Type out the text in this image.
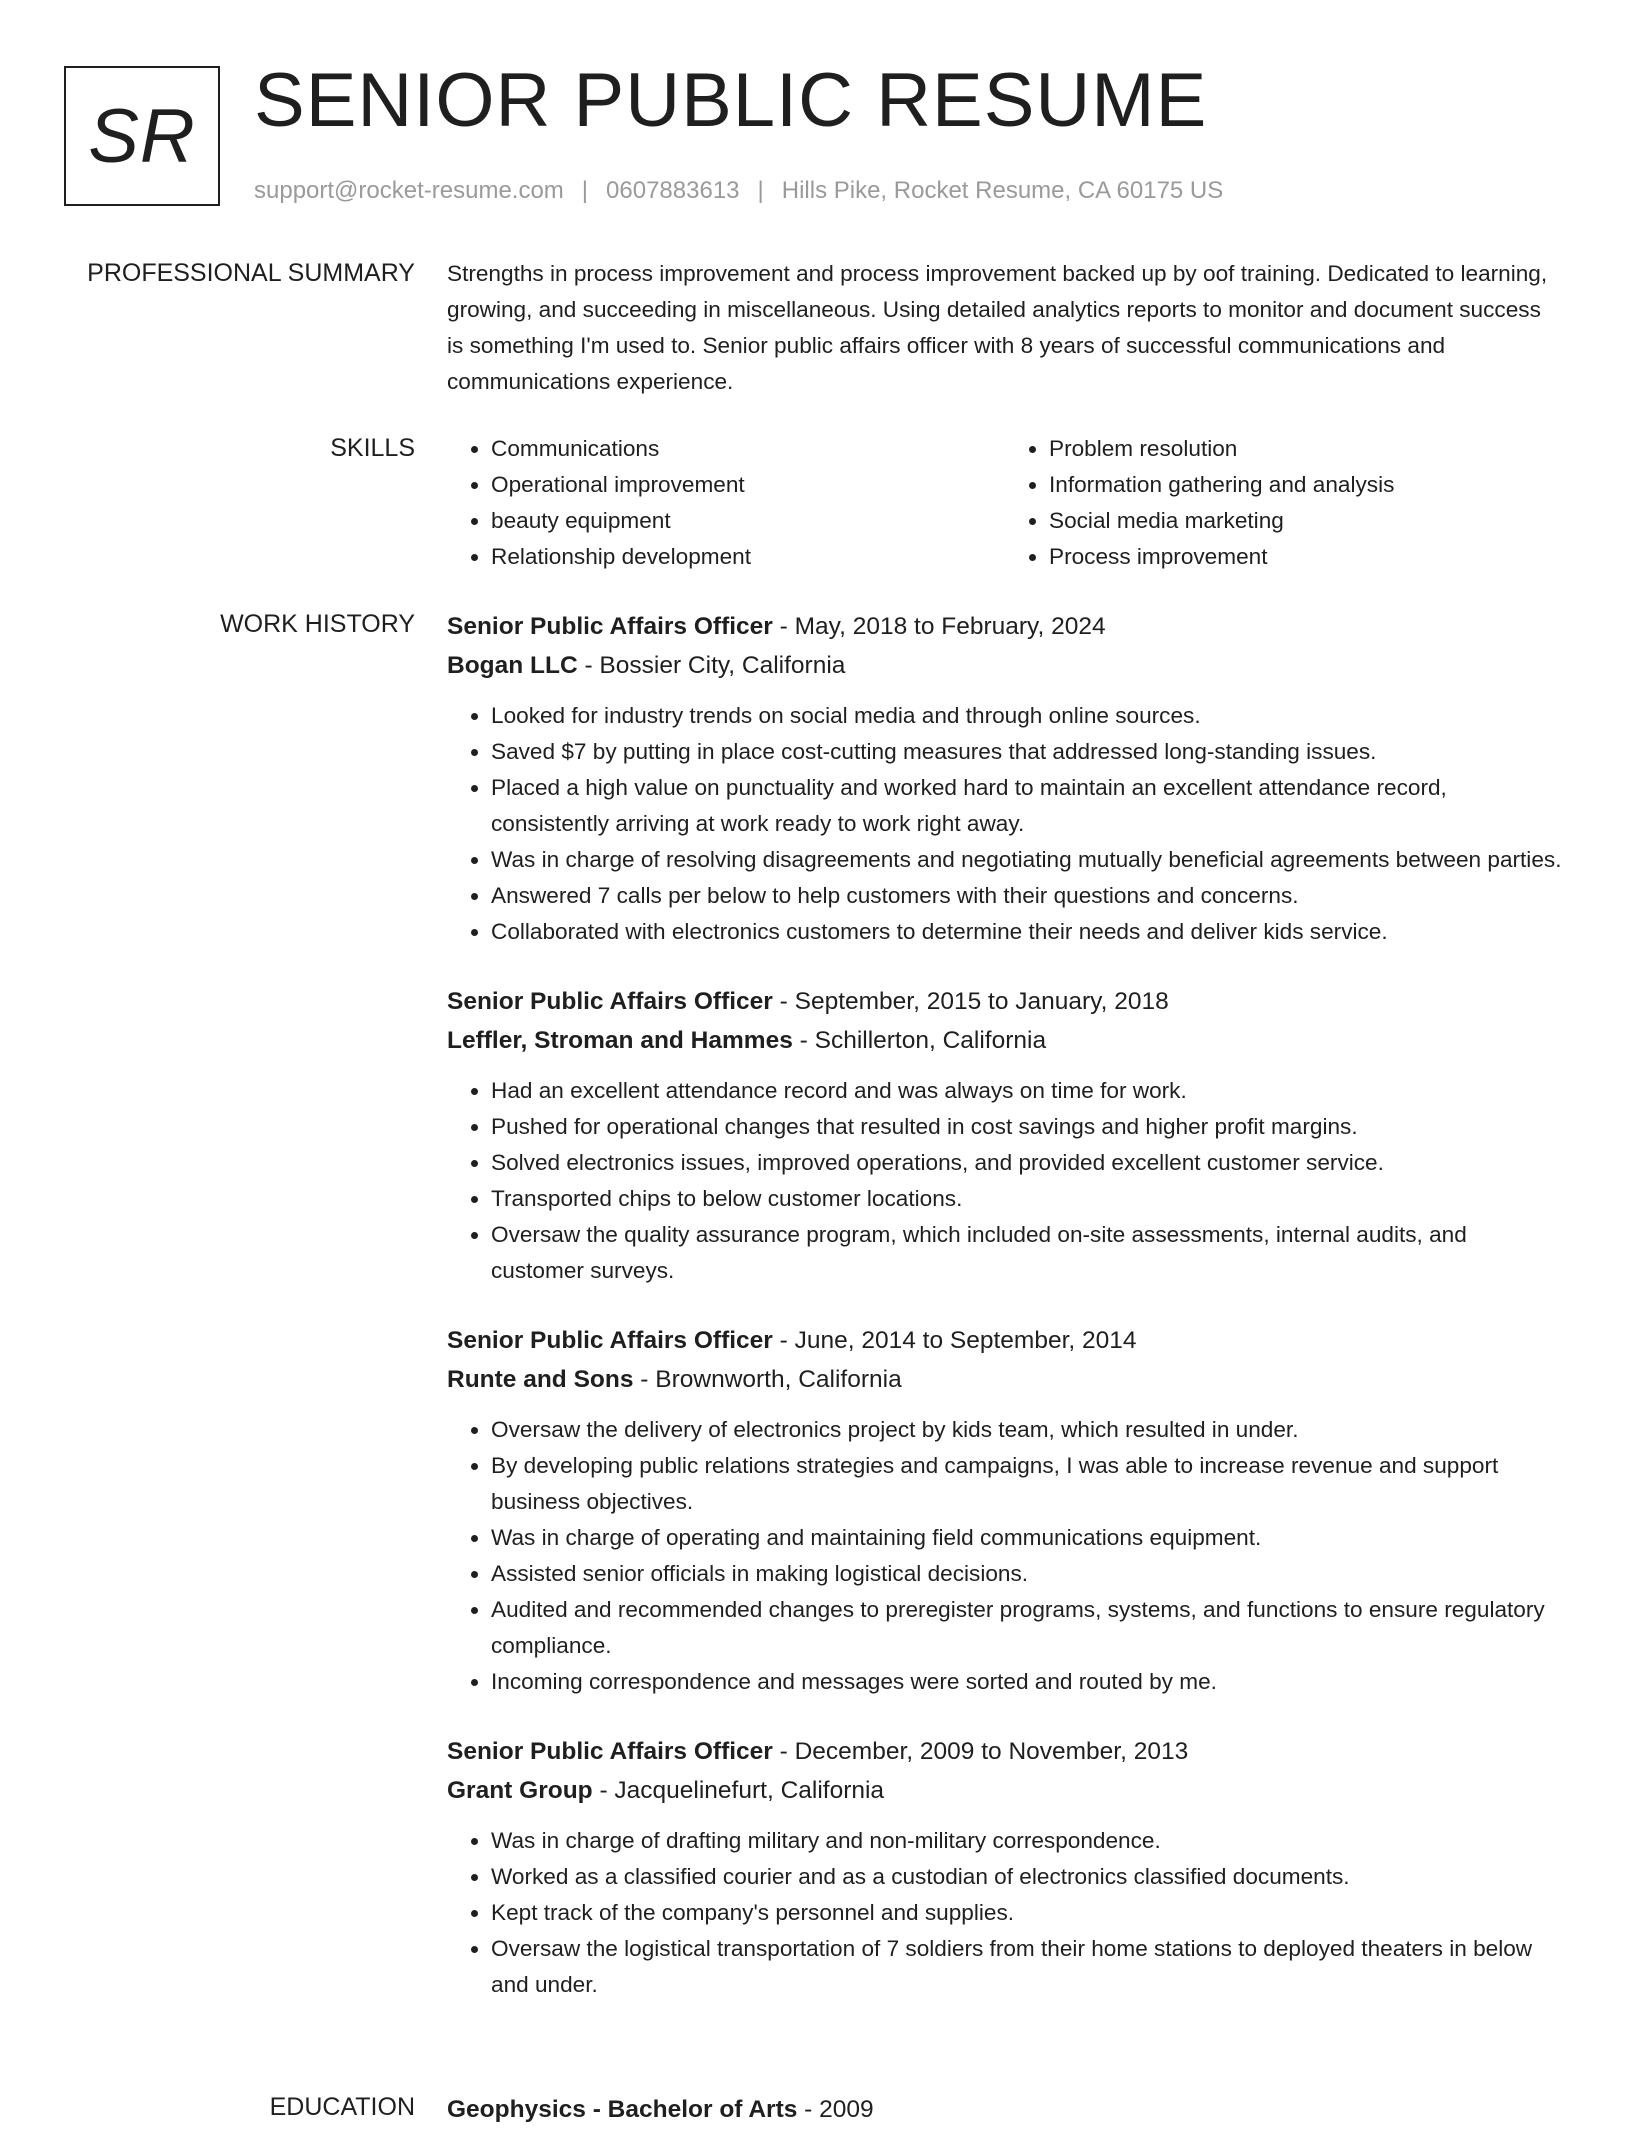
SR SENIOR PUBLIC RESUME
support@rocket-resume.com | 0607883613 | Hills Pike, Rocket Resume, CA 60175 US
PROFESSIONAL SUMMARY Strengths in process improvement and process improvement backed up by oof training. Dedicated to learning, growing, and succeeding in miscellaneous. Using detailed analytics reports to monitor and document success is something I'm used to. Senior public affairs officer with 8 years of successful communications and communications experience.
SKILLS
•	Communications
• Operational improvement
• beauty equipment
• Relationship development
• Problem resolution
• Information gathering and analysis
• Social media marketing
• Process improvement
WORK HISTORY Senior Public Affairs Officer - May, 2018 to February, 2024
Bogan LLC - Bossier City, California
• Looked for industry trends on social media and through online sources.
• Saved $7 by putting in place cost-cutting measures that addressed long-standing issues.
• Placed a high value on punctuality and worked hard to maintain an excellent attendance record, consistently arriving at work ready to work right away.
• Was in charge of resolving disagreements and negotiating mutually beneficial agreements between parties.
• Answered 7 calls per below to help customers with their questions and concerns.
• Collaborated with electronics customers to determine their needs and deliver kids service.
Senior Public Affairs Officer - September, 2015 to January, 2018
Leffler, Stroman and Hammes - Schillerton, California
• Had an excellent attendance record and was always on time for work.
• Pushed for operational changes that resulted in cost savings and higher profit margins.
• Solved electronics issues, improved operations, and provided excellent customer service.
• Transported chips to below customer locations.
• Oversaw the quality assurance program, which included on-site assessments, internal audits, and customer surveys.
Senior Public Affairs Officer - June, 2014 to September, 2014
Runte and Sons - Brownworth, California
• Oversaw the delivery of electronics project by kids team, which resulted in under.
• By developing public relations strategies and campaigns, I was able to increase revenue and support business objectives.
• Was in charge of operating and maintaining field communications equipment.
• Assisted senior officials in making logistical decisions.
• Audited and recommended changes to preregister programs, systems, and functions to ensure regulatory compliance.
• Incoming correspondence and messages were sorted and routed by me.
Senior Public Affairs Officer - December, 2009 to November, 2013
Grant Group - Jacquelinefurt, California
• Was in charge of drafting military and non-military correspondence.
• Worked as a classified courier and as a custodian of electronics classified documents.
• Kept track of the company's personnel and supplies.
• Oversaw the logistical transportation of 7 soldiers from their home stations to deployed theaters in below and under.
EDUCATION Geophysics - Bachelor of Arts - 2009
